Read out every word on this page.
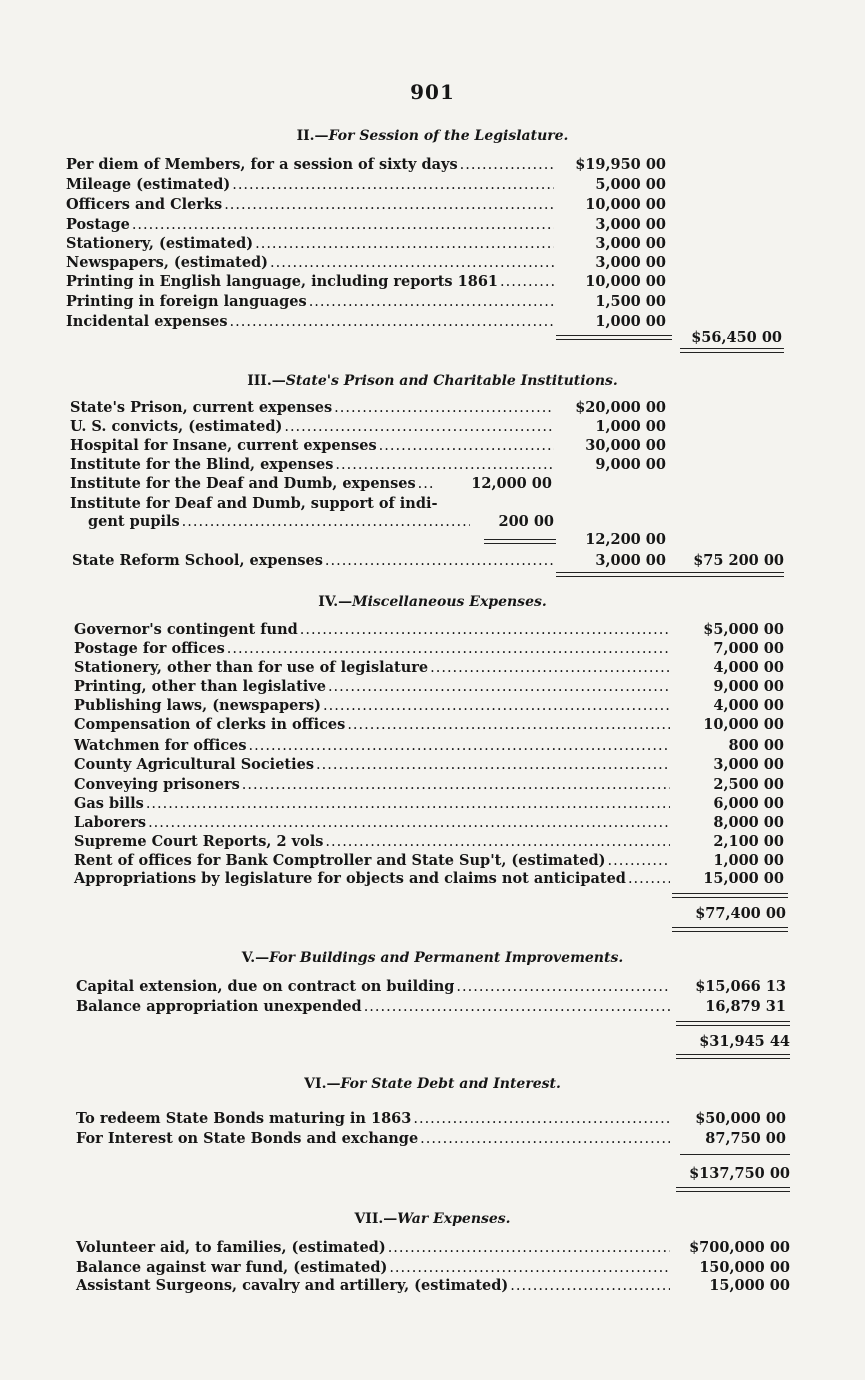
901
II.—For Session of the Legislature.
Per diem of Members, for a session of sixty days .....	$19,950 00
Mileage (estimated) .....	5,000 00
Officers and Clerks .....	10,000 00
Postage .....	3,000 00
Stationery, (estimated) .....	3,000 00
Newspapers, (estimated) .....	3,000 00
Printing in English language, including reports 1861 .....	10,000 00
Printing in foreign languages .....	1,500 00
Incidental expenses .....	1,000 00
$56,450 00
III.—State's Prison and Charitable Institutions.
State's Prison, current expenses .....	$20,000 00
U. S. convicts, (estimated) .....	1,000 00
Hospital for Insane, current expenses .....	30,000 00
Institute for the Blind, expenses .....	9,000 00
Institute for the Deaf and Dumb, expenses .....	12,000 00
Institute for Deaf and Dumb, support of indi-
gent pupils .....	200 00
12,200 00
State Reform School, expenses .....	3,000 00	$75 200 00
IV.—Miscellaneous Expenses.
Governor's contingent fund .....	$5,000 00
Postage for offices .....	7,000 00
Stationery, other than for use of legislature .....	4,000 00
Printing, other than legislative .....	9,000 00
Publishing laws, (newspapers) .....	4,000 00
Compensation of clerks in offices .....	10,000 00
Watchmen for offices .....	800 00
County Agricultural Societies .....	3,000 00
Conveying prisoners .....	2,500 00
Gas bills .....	6,000 00
Laborers .....	8,000 00
Supreme Court Reports, 2 vols .....	2,100 00
Rent of offices for Bank Comptroller and State Sup't, (estimated) .....	1,000 00
Appropriations by legislature for objects and claims not anticipated .....	15,000 00
$77,400 00
V.—For Buildings and Permanent Improvements.
Capital extension, due on contract on building .....	$15,066 13
Balance appropriation unexpended .....	16,879 31
$31,945 44
VI.—For State Debt and Interest.
To redeem State Bonds maturing in 1863 .....	$50,000 00
For Interest on State Bonds and exchange .....	87,750 00
$137,750 00
VII.—War Expenses.
Volunteer aid, to families, (estimated) .....	$700,000 00
Balance against war fund, (estimated) .....	150,000 00
Assistant Surgeons, cavalry and artillery, (estimated) .....	15,000 00
